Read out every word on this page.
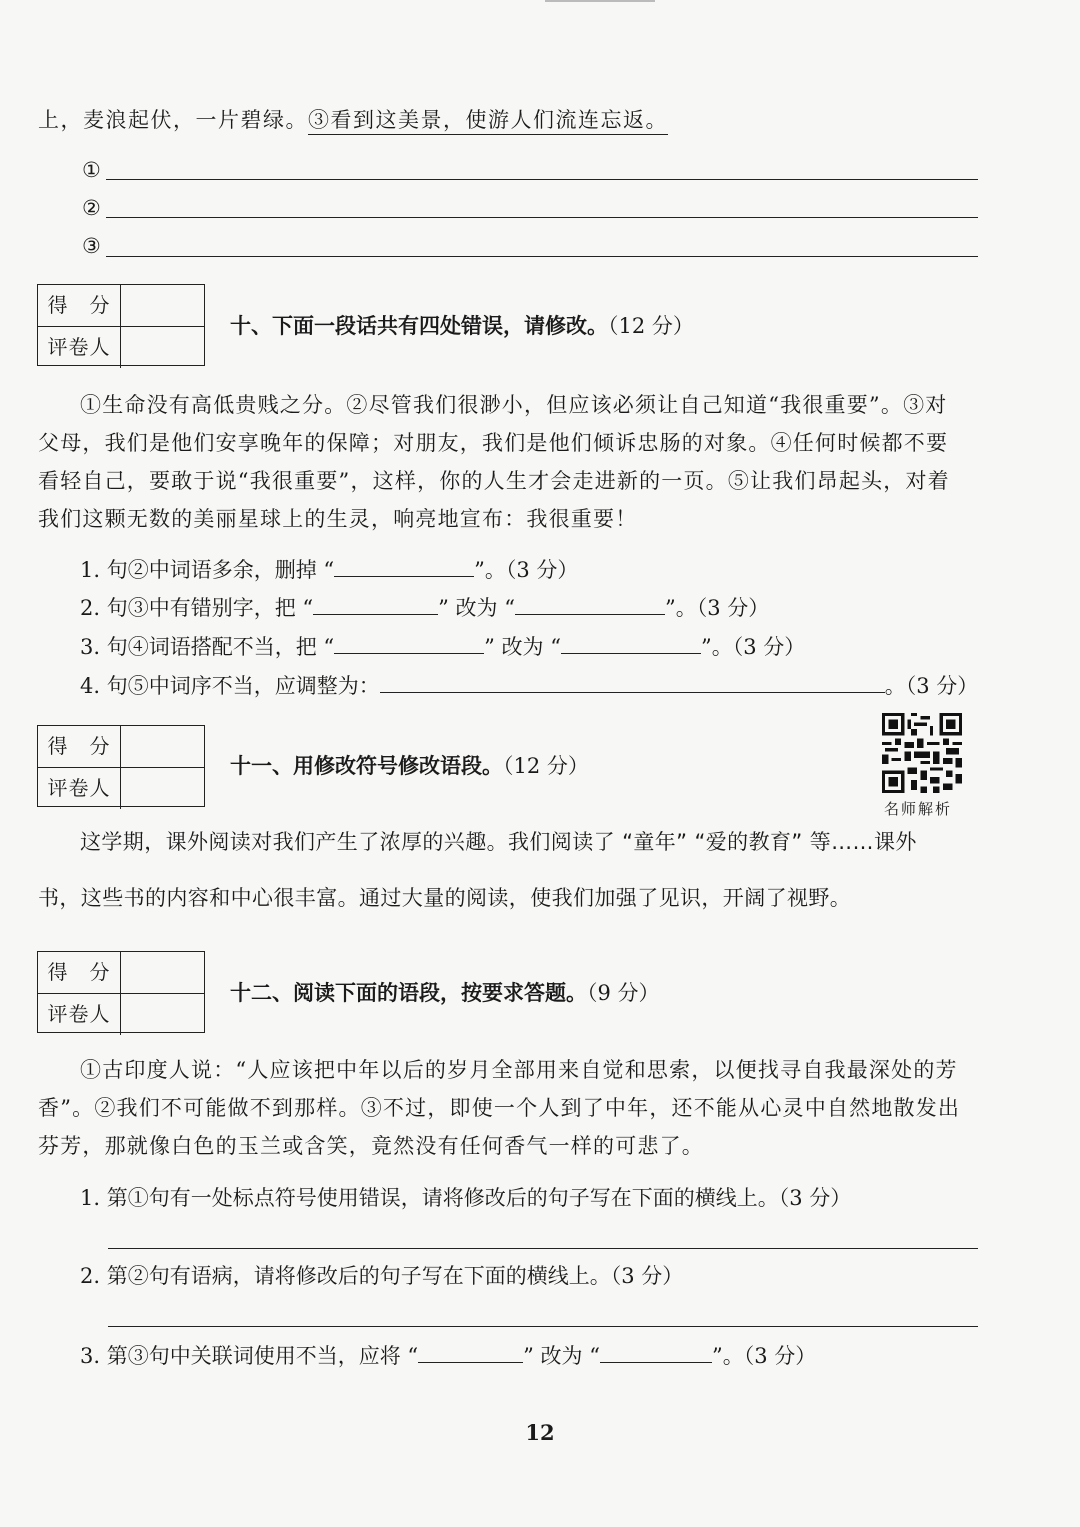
上，麦浪起伏，一片碧绿。③看到这美景，使游人们流连忘返。
①
②
③
得　分
评卷人
十、下面一段话共有四处错误，请修改。（12 分）
①生命没有高低贵贱之分。②尽管我们很渺小，但应该必须让自己知道“我很重要”。③对
父母，我们是他们安享晚年的保障；对朋友，我们是他们倾诉忠肠的对象。④任何时候都不要
看轻自己，要敢于说“我很重要”，这样，你的人生才会走进新的一页。⑤让我们昂起头，对着
我们这颗无数的美丽星球上的生灵，响亮地宣布：我很重要！
1. 句②中词语多余，删掉 “	”。（3 分）
2. 句③中有错别字，把 “	” 改为 “	”。（3 分）
3. 句④词语搭配不当，把 “	” 改为 “	”。（3 分）
4. 句⑤中词序不当，应调整为：	。（3 分）
得　分
评卷人
十一、用修改符号修改语段。（12 分）
名师解析
这学期，课外阅读对我们产生了浓厚的兴趣。我们阅读了 “童年” “爱的教育” 等……课外
书，这些书的内容和中心很丰富。通过大量的阅读，使我们加强了见识，开阔了视野。
得　分
评卷人
十二、阅读下面的语段，按要求答题。（9 分）
①古印度人说：“人应该把中年以后的岁月全部用来自觉和思索，以便找寻自我最深处的芳
香”。②我们不可能做不到那样。③不过，即使一个人到了中年，还不能从心灵中自然地散发出
芬芳，那就像白色的玉兰或含笑，竟然没有任何香气一样的可悲了。
1. 第①句有一处标点符号使用错误，请将修改后的句子写在下面的横线上。（3 分）
2. 第②句有语病，请将修改后的句子写在下面的横线上。（3 分）
3. 第③句中关联词使用不当，应将 “	” 改为 “	”。（3 分）
12
